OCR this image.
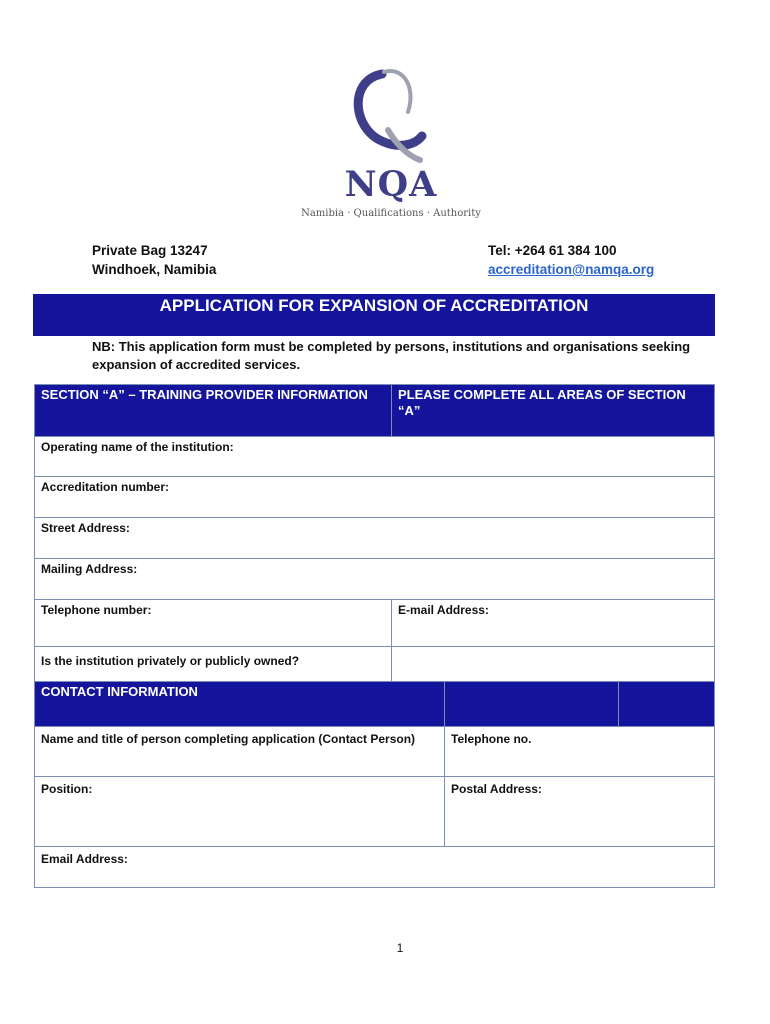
NQA
Namibia · Qualifications · Authority
Private Bag 13247
Windhoek, Namibia
Tel: +264 61 384 100
accreditation@namqa.org
APPLICATION FOR EXPANSION OF ACCREDITATION
NB: This application form must be completed by persons, institutions and organisations seeking expansion of accredited services.
SECTION “A” – TRAINING PROVIDER INFORMATION	PLEASE COMPLETE ALL AREAS OF SECTION “A”
Operating name of the institution:
Accreditation number:
Street Address:
Mailing Address:
Telephone number:	E-mail Address:
Is the institution privately or publicly owned?
CONTACT INFORMATION
Name and title of person completing application (Contact Person)	Telephone no.
Position:	Postal Address:
Email Address:
1
